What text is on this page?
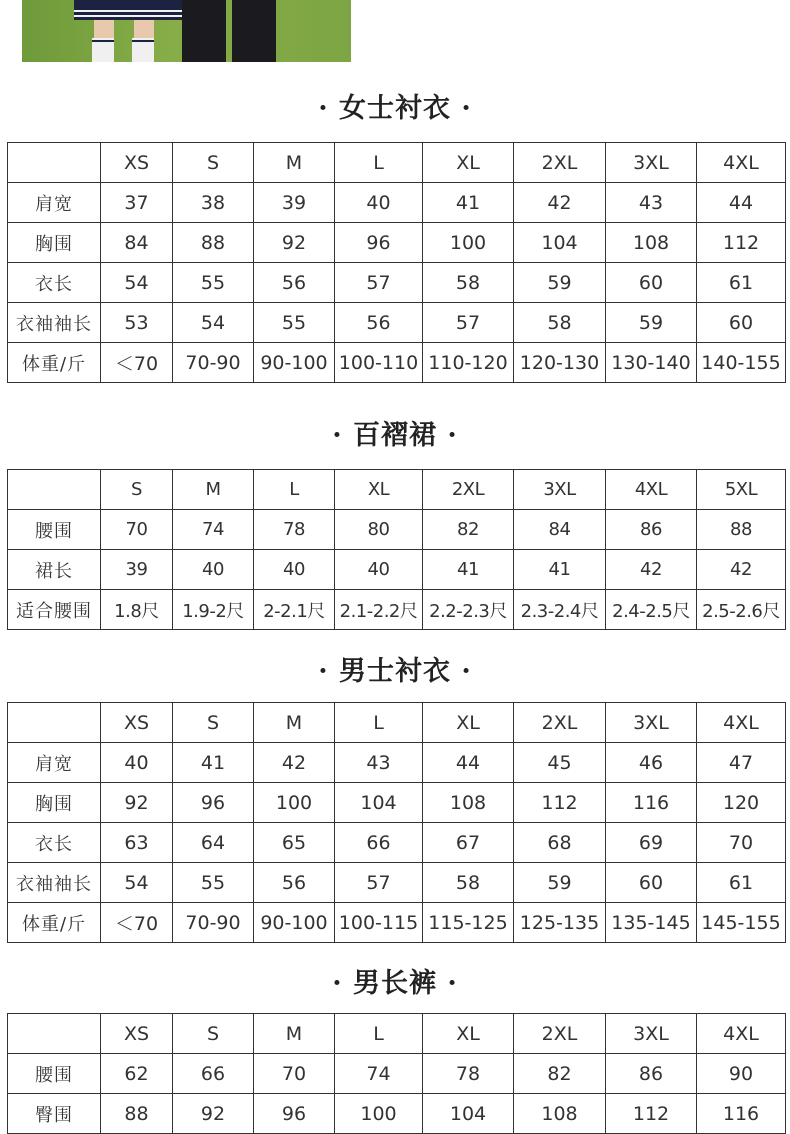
· 女士衬衣 ·
	XS	S	M	L	XL	2XL	3XL	4XL
肩宽	37	38	39	40	41	42	43	44
胸围	84	88	92	96	100	104	108	112
衣长	54	55	56	57	58	59	60	61
衣袖袖长	53	54	55	56	57	58	59	60
体重/斤	＜70	70-90	90-100	100-110	110-120	120-130	130-140	140-155
· 百褶裙 ·
	S	M	L	XL	2XL	3XL	4XL	5XL
腰围	70	74	78	80	82	84	86	88
裙长	39	40	40	40	41	41	42	42
适合腰围	1.8尺	1.9-2尺	2-2.1尺	2.1-2.2尺	2.2-2.3尺	2.3-2.4尺	2.4-2.5尺	2.5-2.6尺
· 男士衬衣 ·
	XS	S	M	L	XL	2XL	3XL	4XL
肩宽	40	41	42	43	44	45	46	47
胸围	92	96	100	104	108	112	116	120
衣长	63	64	65	66	67	68	69	70
衣袖袖长	54	55	56	57	58	59	60	61
体重/斤	＜70	70-90	90-100	100-115	115-125	125-135	135-145	145-155
· 男长裤 ·
	XS	S	M	L	XL	2XL	3XL	4XL
腰围	62	66	70	74	78	82	86	90
臀围	88	92	96	100	104	108	112	116
